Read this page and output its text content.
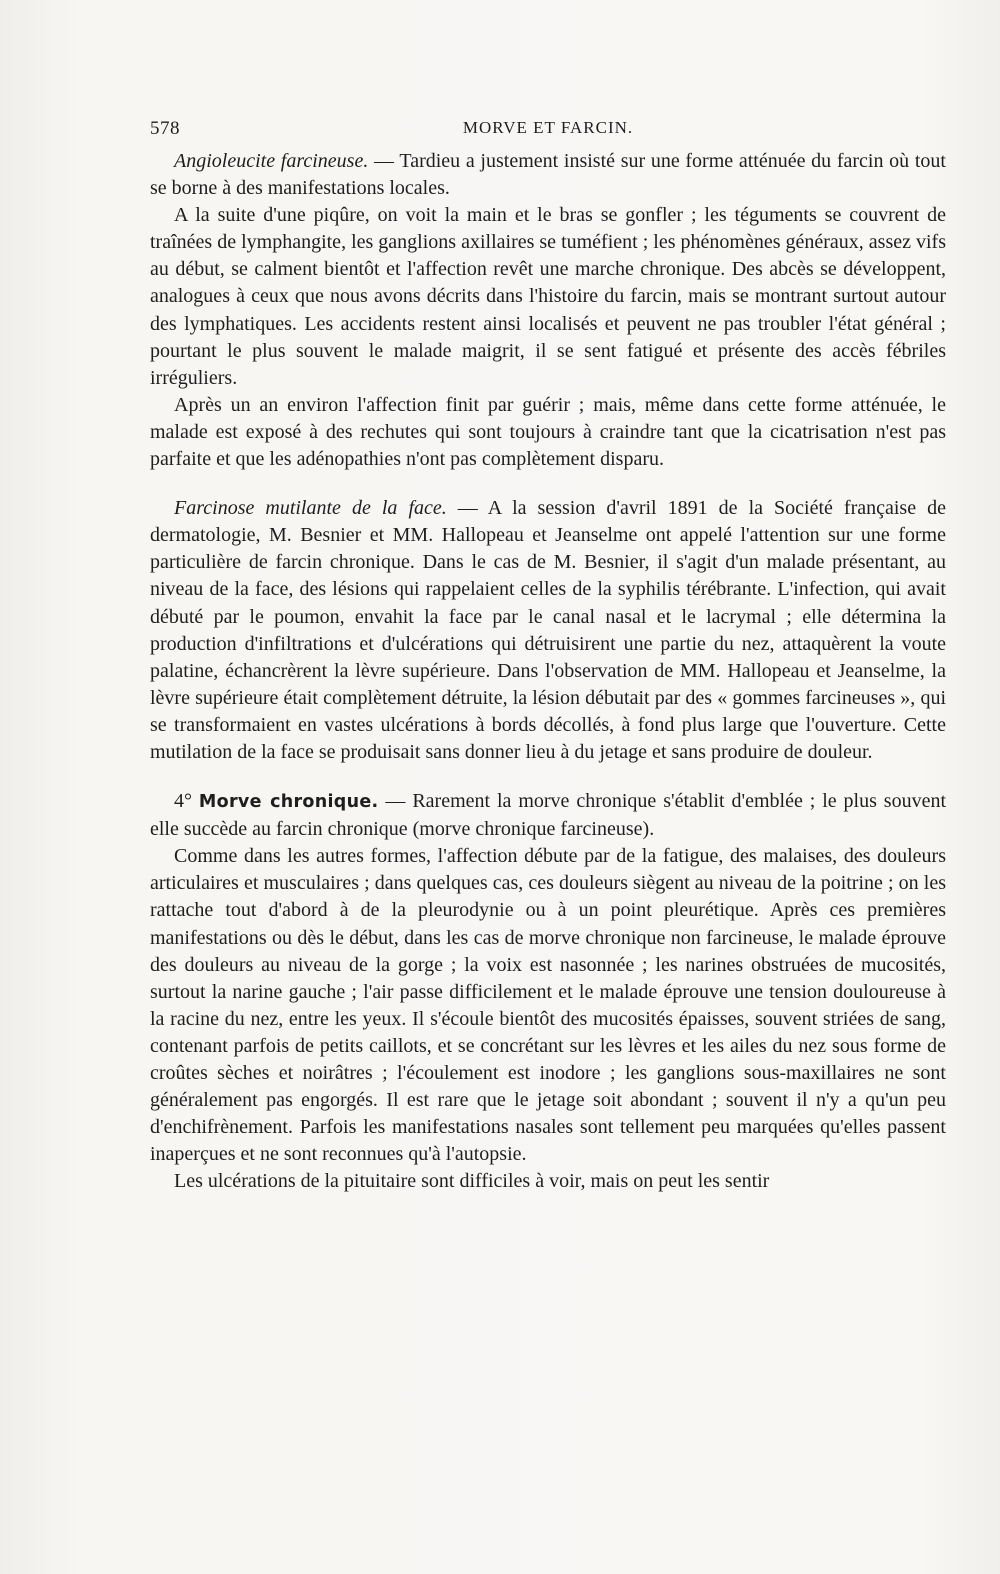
578	MORVE ET FARCIN.

Angioleucite farcineuse. — Tardieu a justement insisté sur une forme atténuée du farcin où tout se borne à des manifestations locales.

A la suite d'une piqûre, on voit la main et le bras se gonfler ; les téguments se couvrent de traînées de lymphangite, les ganglions axillaires se tuméfient ; les phénomènes généraux, assez vifs au début, se calment bientôt et l'affection revêt une marche chronique. Des abcès se développent, analogues à ceux que nous avons décrits dans l'histoire du farcin, mais se montrant surtout autour des lymphatiques. Les accidents restent ainsi localisés et peuvent ne pas troubler l'état général ; pourtant le plus souvent le malade maigrit, il se sent fatigué et présente des accès fébriles irréguliers.

Après un an environ l'affection finit par guérir ; mais, même dans cette forme atténuée, le malade est exposé à des rechutes qui sont toujours à craindre tant que la cicatrisation n'est pas parfaite et que les adénopathies n'ont pas complètement disparu.

Farcinose mutilante de la face. — A la session d'avril 1891 de la Société française de dermatologie, M. Besnier et MM. Hallopeau et Jeanselme ont appelé l'attention sur une forme particulière de farcin chronique. Dans le cas de M. Besnier, il s'agit d'un malade présentant, au niveau de la face, des lésions qui rappelaient celles de la syphilis térébrante. L'infection, qui avait débuté par le poumon, envahit la face par le canal nasal et le lacrymal ; elle détermina la production d'infiltrations et d'ulcérations qui détruisirent une partie du nez, attaquèrent la voute palatine, échancrèrent la lèvre supérieure. Dans l'observation de MM. Hallopeau et Jeanselme, la lèvre supérieure était complètement détruite, la lésion débutait par des « gommes farcineuses », qui se transformaient en vastes ulcérations à bords décollés, à fond plus large que l'ouverture. Cette mutilation de la face se produisait sans donner lieu à du jetage et sans produire de douleur.

4° Morve chronique. — Rarement la morve chronique s'établit d'emblée ; le plus souvent elle succède au farcin chronique (morve chronique farcineuse).

Comme dans les autres formes, l'affection débute par de la fatigue, des malaises, des douleurs articulaires et musculaires ; dans quelques cas, ces douleurs siègent au niveau de la poitrine ; on les rattache tout d'abord à de la pleurodynie ou à un point pleurétique. Après ces premières manifestations ou dès le début, dans les cas de morve chronique non farcineuse, le malade éprouve des douleurs au niveau de la gorge ; la voix est nasonnée ; les narines obstruées de mucosités, surtout la narine gauche ; l'air passe difficilement et le malade éprouve une tension douloureuse à la racine du nez, entre les yeux. Il s'écoule bientôt des mucosités épaisses, souvent striées de sang, contenant parfois de petits caillots, et se concrétant sur les lèvres et les ailes du nez sous forme de croûtes sèches et noirâtres ; l'écoulement est inodore ; les ganglions sous-maxillaires ne sont généralement pas engorgés. Il est rare que le jetage soit abondant ; souvent il n'y a qu'un peu d'enchifrènement. Parfois les manifestations nasales sont tellement peu marquées qu'elles passent inaperçues et ne sont reconnues qu'à l'autopsie.

Les ulcérations de la pituitaire sont difficiles à voir, mais on peut les sentir
